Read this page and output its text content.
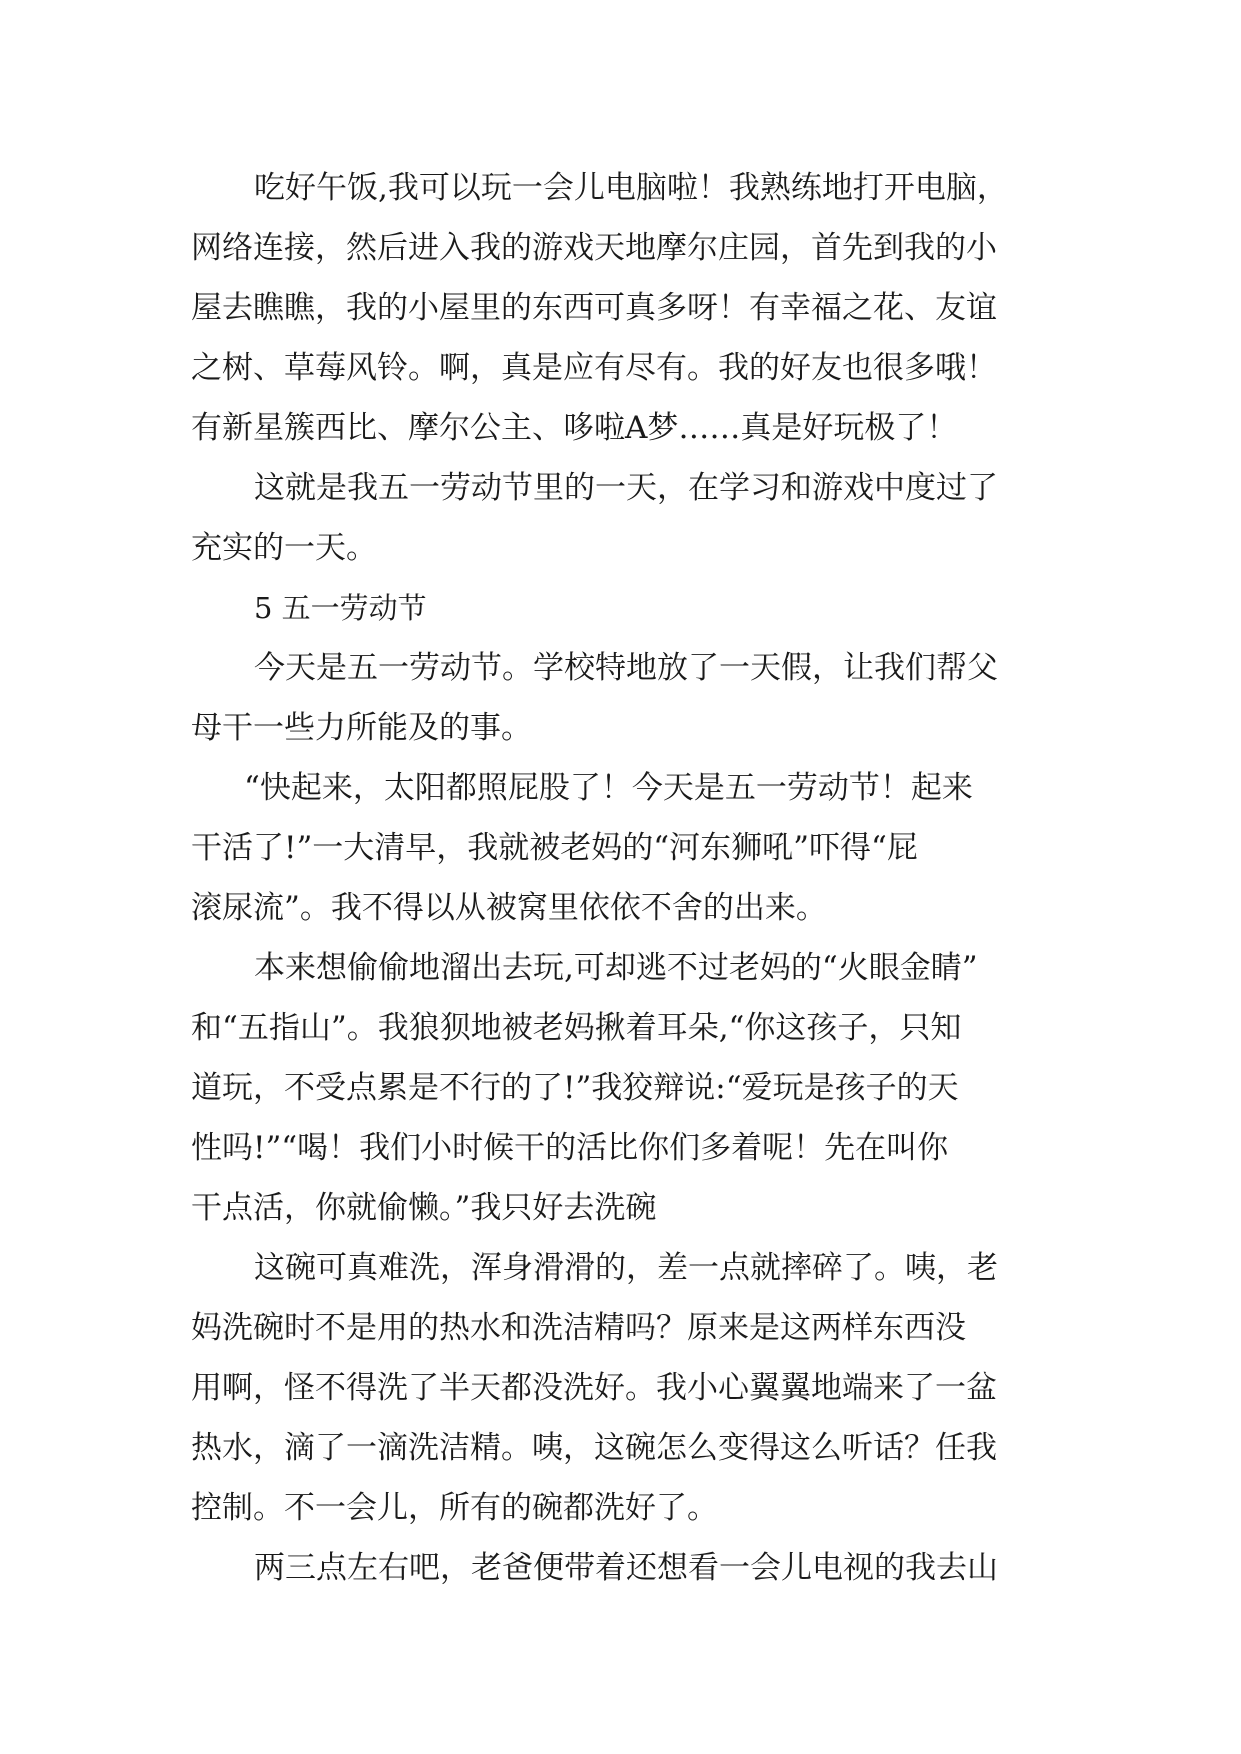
吃好午饭,我可以玩一会儿电脑啦！我熟练地打开电脑，
网络连接，然后进入我的游戏天地摩尔庄园，首先到我的小
屋去瞧瞧，我的小屋里的东西可真多呀！有幸福之花、友谊
之树、草莓风铃。啊，真是应有尽有。我的好友也很多哦！
有新星簇西比、摩尔公主、哆啦A梦……真是好玩极了！
这就是我五一劳动节里的一天，在学习和游戏中度过了
充实的一天。
5 五一劳动节
今天是五一劳动节。学校特地放了一天假，让我们帮父
母干一些力所能及的事。
“快起来，太阳都照屁股了！今天是五一劳动节！起来
干活了!”一大清早，我就被老妈的“河东狮吼”吓得“屁
滚尿流”。我不得以从被窝里依依不舍的出来。
本来想偷偷地溜出去玩,可却逃不过老妈的“火眼金睛”
和“五指山”。我狼狈地被老妈揪着耳朵,“你这孩子，只知
道玩，不受点累是不行的了!”我狡辩说:“爱玩是孩子的天
性吗!”“喝！我们小时候干的活比你们多着呢！先在叫你
干点活，你就偷懒。”我只好去洗碗
这碗可真难洗，浑身滑滑的，差一点就摔碎了。咦，老
妈洗碗时不是用的热水和洗洁精吗？原来是这两样东西没
用啊，怪不得洗了半天都没洗好。我小心翼翼地端来了一盆
热水，滴了一滴洗洁精。咦，这碗怎么变得这么听话？任我
控制。不一会儿，所有的碗都洗好了。
两三点左右吧，老爸便带着还想看一会儿电视的我去山
